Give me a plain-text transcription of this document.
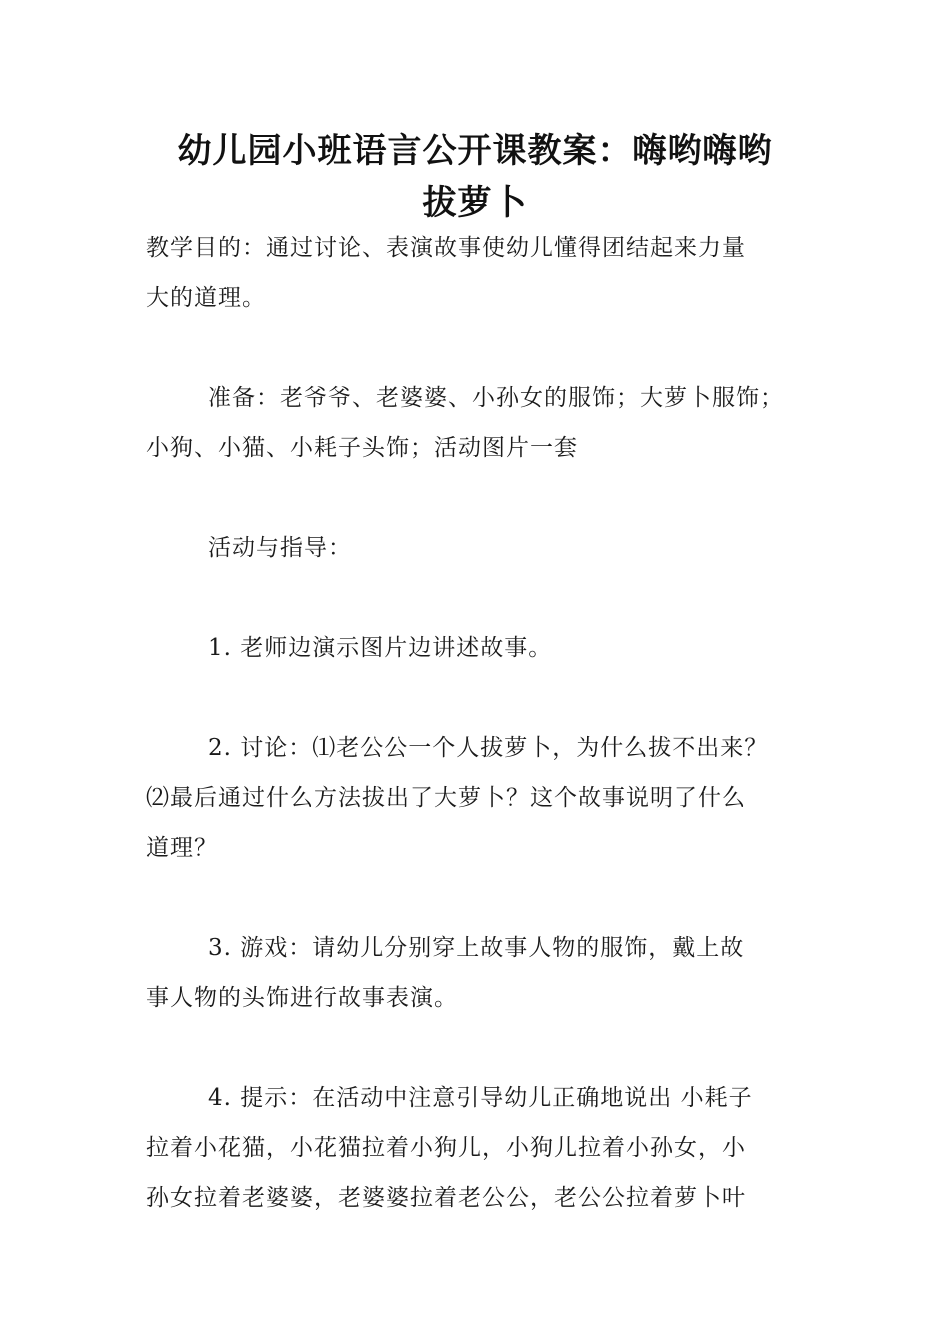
幼儿园小班语言公开课教案：嗨哟嗨哟
拔萝卜

教学目的：通过讨论、表演故事使幼儿懂得团结起来力量
大的道理。

准备：老爷爷、老婆婆、小孙女的服饰；大萝卜服饰；
小狗、小猫、小耗子头饰；活动图片一套

活动与指导：

1. 老师边演示图片边讲述故事。

2. 讨论：⑴老公公一个人拔萝卜，为什么拔不出来？
⑵最后通过什么方法拔出了大萝卜？这个故事说明了什么
道理？

3. 游戏：请幼儿分别穿上故事人物的服饰，戴上故
事人物的头饰进行故事表演。

4. 提示：在活动中注意引导幼儿正确地说出 小耗子
拉着小花猫，小花猫拉着小狗儿，小狗儿拉着小孙女，小
孙女拉着老婆婆，老婆婆拉着老公公，老公公拉着萝卜叶
